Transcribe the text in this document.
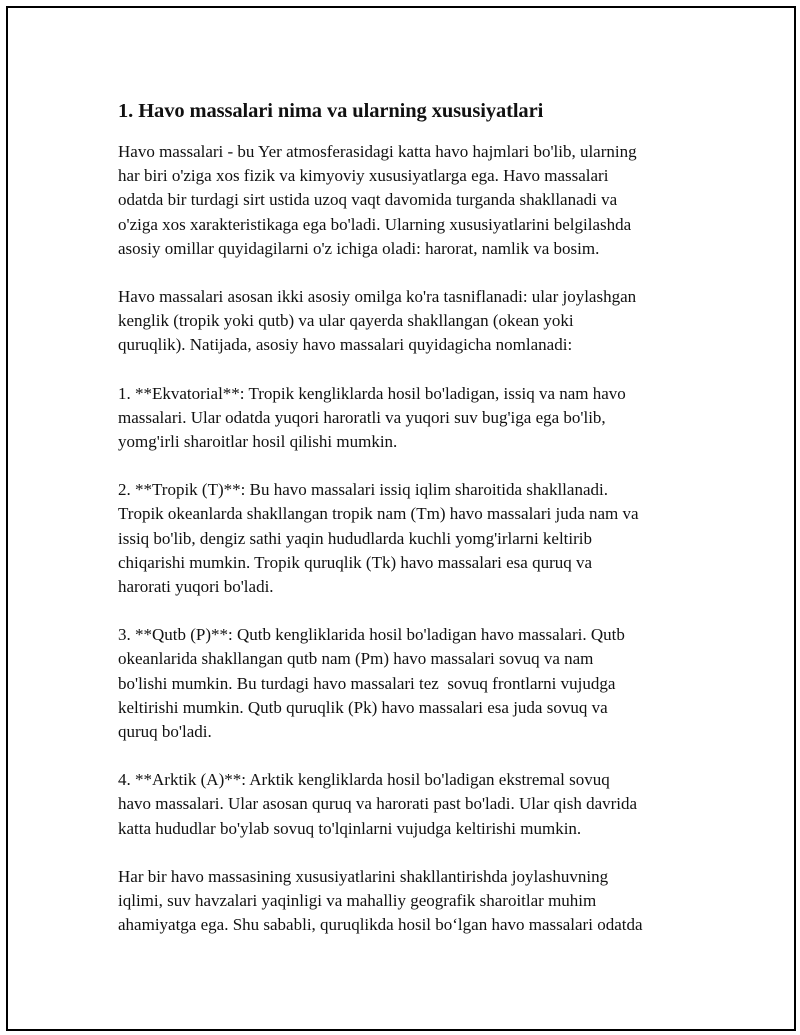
1. Havo massalari nima va ularning xususiyatlari

Havo massalari - bu Yer atmosferasidagi katta havo hajmlari bo'lib, ularning
har biri o'ziga xos fizik va kimyoviy xususiyatlarga ega. Havo massalari
odatda bir turdagi sirt ustida uzoq vaqt davomida turganda shakllanadi va
o'ziga xos xarakteristikaga ega bo'ladi. Ularning xususiyatlarini belgilashda
asosiy omillar quyidagilarni o'z ichiga oladi: harorat, namlik va bosim.

Havo massalari asosan ikki asosiy omilga ko'ra tasniflanadi: ular joylashgan
kenglik (tropik yoki qutb) va ular qayerda shakllangan (okean yoki
quruqlik). Natijada, asosiy havo massalari quyidagicha nomlanadi:

1. **Ekvatorial**: Tropik kengliklarda hosil bo'ladigan, issiq va nam havo
massalari. Ular odatda yuqori haroratli va yuqori suv bug'iga ega bo'lib,
yomg'irli sharoitlar hosil qilishi mumkin.

2. **Tropik (T)**: Bu havo massalari issiq iqlim sharoitida shakllanadi.
Tropik okeanlarda shakllangan tropik nam (Tm) havo massalari juda nam va
issiq bo'lib, dengiz sathi yaqin hududlarda kuchli yomg'irlarni keltirib
chiqarishi mumkin. Tropik quruqlik (Tk) havo massalari esa quruq va
harorati yuqori bo'ladi.

3. **Qutb (P)**: Qutb kengliklarida hosil bo'ladigan havo massalari. Qutb
okeanlarida shakllangan qutb nam (Pm) havo massalari sovuq va nam
bo'lishi mumkin. Bu turdagi havo massalari tez  sovuq frontlarni vujudga
keltirishi mumkin. Qutb quruqlik (Pk) havo massalari esa juda sovuq va
quruq bo'ladi.

4. **Arktik (A)**: Arktik kengliklarda hosil bo'ladigan ekstremal sovuq
havo massalari. Ular asosan quruq va harorati past bo'ladi. Ular qish davrida
katta hududlar bo'ylab sovuq to'lqinlarni vujudga keltirishi mumkin.

Har bir havo massasining xususiyatlarini shakllantirishda joylashuvning
iqlimi, suv havzalari yaqinligi va mahalliy geografik sharoitlar muhim
ahamiyatga ega. Shu sababli, quruqlikda hosil bo‘lgan havo massalari odatda
